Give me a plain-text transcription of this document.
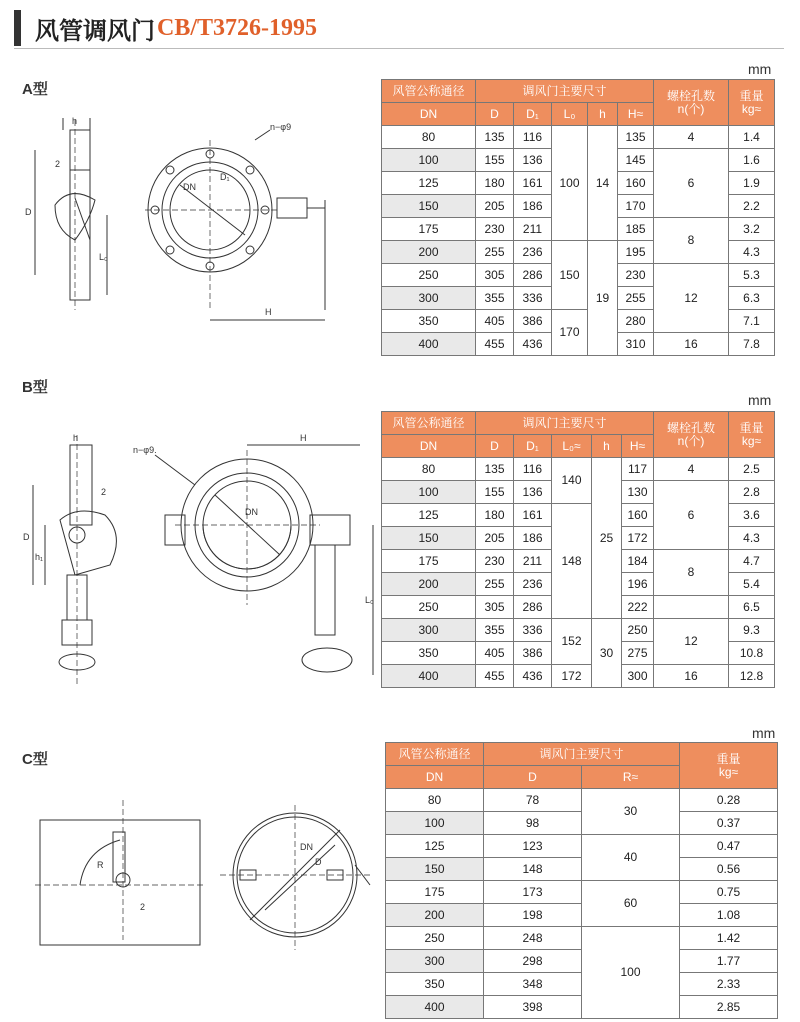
风管调风门 CB/T3726-1995
A型
mm
h
2
D
L₀
DN
D₁
n−φ9
H
风管公称通径	调风门主要尺寸					螺栓孔数
n(个)	重量
kg≈
DN	D	D₁	L₀	h	H≈		
80	135	116	100	14	135	4	1.4
100	155	136			145	6	1.6
125	180	161			160		1.9
150	205	186			170		2.2
175	230	211			185	8	3.2
200	255	236	150	19	195		4.3
250	305	286			230	12	5.3
300	355	336			255		6.3
350	405	386	170		280		7.1
400	455	436			310	16	7.8
B型
mm
h
2
D
h₁
DN
n−φ9.
H
L₀
风管公称通径	调风门主要尺寸					螺栓孔数
n(个)	重量
kg≈
DN	D	D₁	L₀≈	h	H≈		
80	135	116	140	25	117	4	2.5
100	155	136			130	6	2.8
125	180	161	148		160		3.6
150	205	186			172		4.3
175	230	211			184	8	4.7
200	255	236			196		5.4
250	305	286			222		6.5
300	355	336	152	30	250	12	9.3
350	405	386			275		10.8
400	455	436	172		300	16	12.8
C型
mm
R
2
DN
D
风管公称通径	调风门主要尺寸		重量
kg≈
DN	D	R≈	
80	78	30	0.28
100	98		0.37
125	123	40	0.47
150	148		0.56
175	173	60	0.75
200	198		1.08
250	248	100	1.42
300	298		1.77
350	348		2.33
400	398		2.85
